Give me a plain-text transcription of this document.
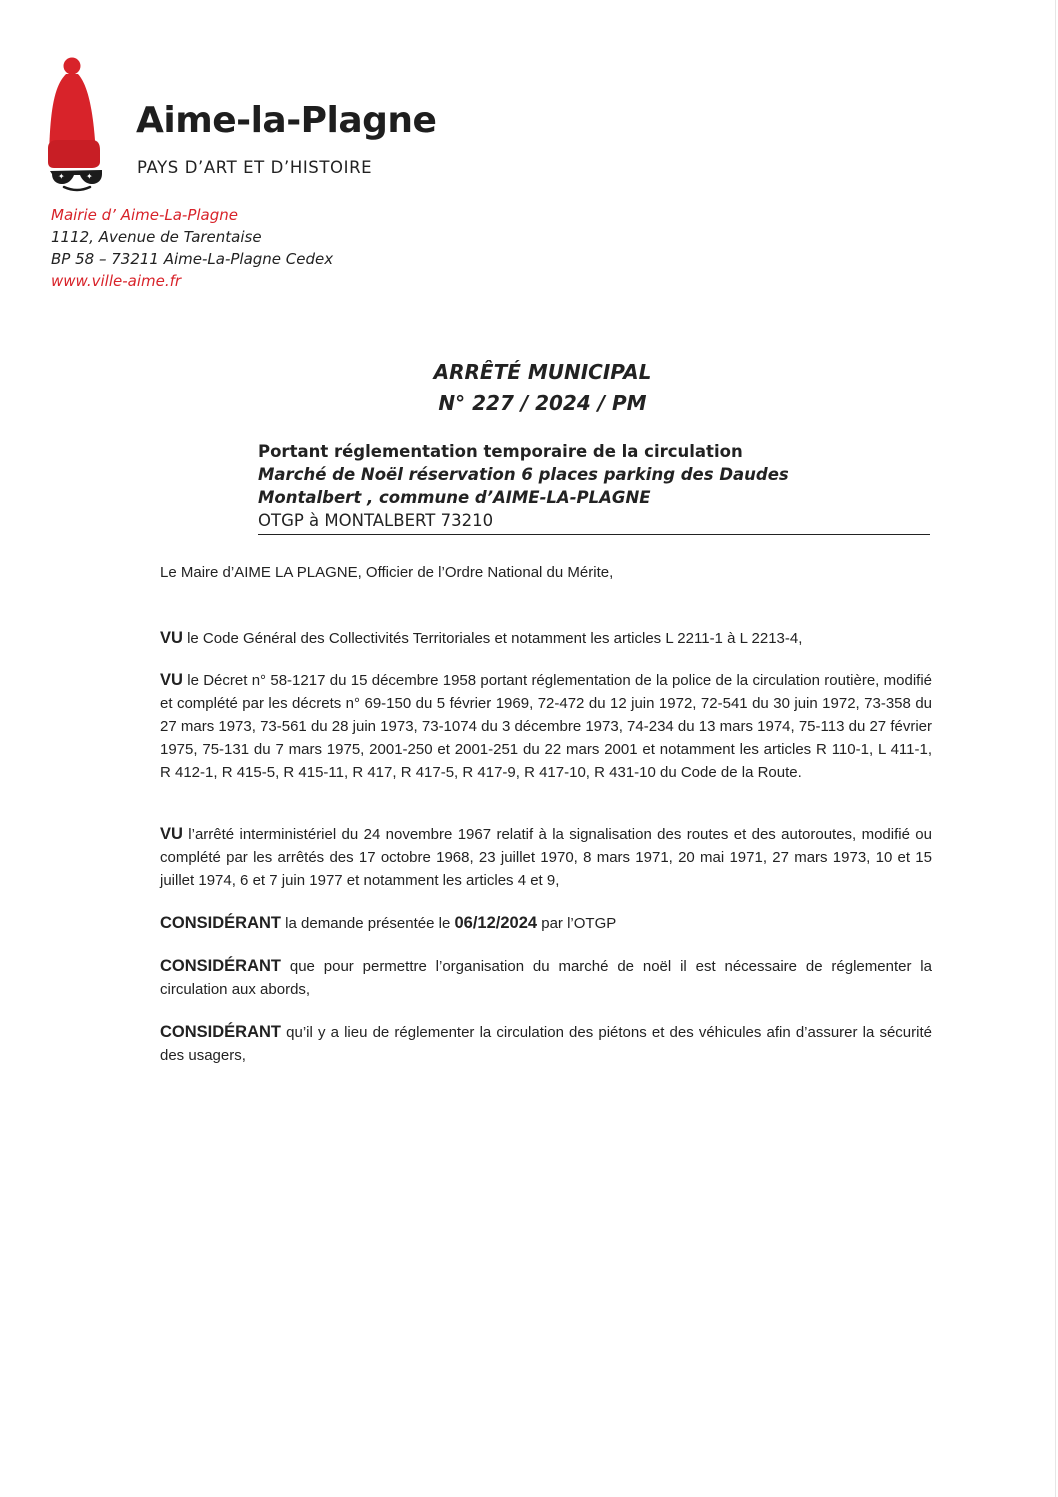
✦	✦
Aime-la-Plagne
PAYS D’ART ET D’HISTOIRE
Mairie d’ Aime-La-Plagne
1112, Avenue de Tarentaise
BP 58 – 73211 Aime-La-Plagne Cedex
www.ville-aime.fr
ARRÊTÉ MUNICIPAL
N° 227 / 2024 / PM
Portant réglementation temporaire de la circulation
Marché de Noël réservation 6 places parking des Daudes
Montalbert , commune d’AIME-LA-PLAGNE
OTGP à MONTALBERT 73210
Le Maire d’AIME LA PLAGNE, Officier de l’Ordre National du Mérite,
VU le Code Général des Collectivités Territoriales et notamment les articles L 2211-1 à L 2213-4,
VU le Décret n° 58-1217 du 15 décembre 1958 portant réglementation de la police de la circulation routière, modifié et complété par les décrets n° 69-150 du 5 février 1969, 72-472 du 12 juin 1972, 72-541 du 30 juin 1972, 73-358 du 27 mars 1973, 73-561 du 28 juin 1973, 73-1074 du 3 décembre 1973, 74-234 du 13 mars 1974, 75-113 du 27 février 1975, 75-131 du 7 mars 1975, 2001-250 et 2001-251 du 22 mars 2001 et notamment les articles R 110-1, L 411-1, R 412-1, R 415-5, R 415-11, R 417, R 417-5, R 417-9, R 417-10, R 431-10 du Code de la Route.
VU l’arrêté interministériel du 24 novembre 1967 relatif à la signalisation des routes et des autoroutes, modifié ou complété par les arrêtés des 17 octobre 1968, 23 juillet 1970, 8 mars 1971, 20 mai 1971, 27 mars 1973, 10 et 15 juillet 1974, 6 et 7 juin 1977 et notamment les articles 4 et 9,
CONSIDÉRANT la demande présentée le 06/12/2024 par l’OTGP
CONSIDÉRANT que pour permettre l’organisation du marché de noël il est nécessaire de réglementer la circulation aux abords,
CONSIDÉRANT qu’il y a lieu de réglementer la circulation des piétons et des véhicules afin d’assurer la sécurité des usagers,
